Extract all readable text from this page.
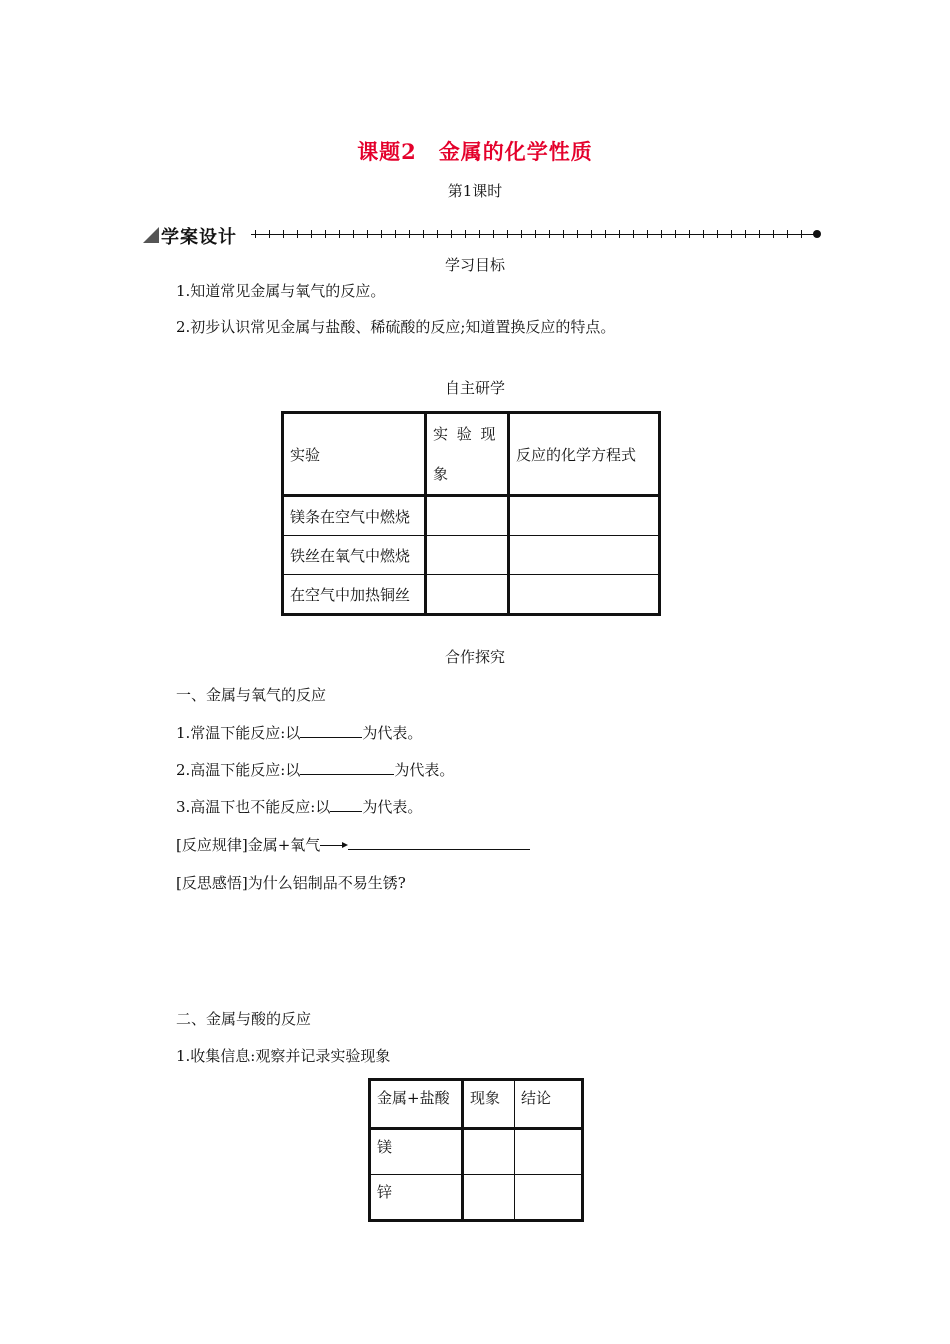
课题2　金属的化学性质
第1课时
学案设计
学习目标
1.知道常见金属与氧气的反应。
2.初步认识常见金属与盐酸、稀硫酸的反应;知道置换反应的特点。
自主研学
实验	实 验 现象	反应的化学方程式
镁条在空气中燃烧		
铁丝在氧气中燃烧		
在空气中加热铜丝		
合作探究
一、金属与氧气的反应
1.常温下能反应:以	为代表。
2.高温下能反应:以	为代表。
3.高温下也不能反应:以 为代表。
[反应规律]金属+氧气
[反思感悟]为什么铝制品不易生锈?
二、金属与酸的反应
1.收集信息:观察并记录实验现象
金属+盐酸	现象	结论
镁		
锌		
